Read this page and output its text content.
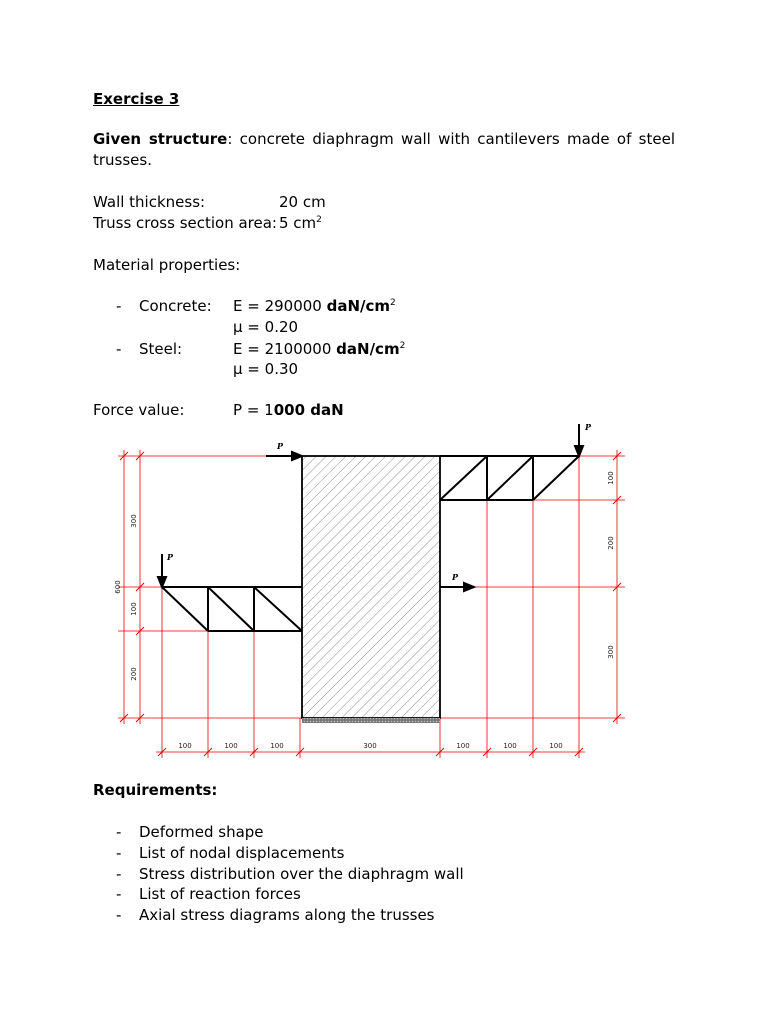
Exercise 3
Given structure: concrete diaphragm wall with cantilevers made of steel trusses.
Wall thickness:	20 cm
Truss cross section area: 5 $cm^2$
Material properties:
- Concrete: E = 290000 daN/$cm^2$
μ = 0.20
- Steel:	E = 2100000 daN/$cm^2$
μ = 0.30
Force value:	P = 1000 daN
P
P
P
P
100	100	100	300	100	100	100
600
300
100
200
100
200
300
Requirements:
- Deformed shape
- List of nodal displacements
- Stress distribution over the diaphragm wall
- List of reaction forces
- Axial stress diagrams along the trusses
